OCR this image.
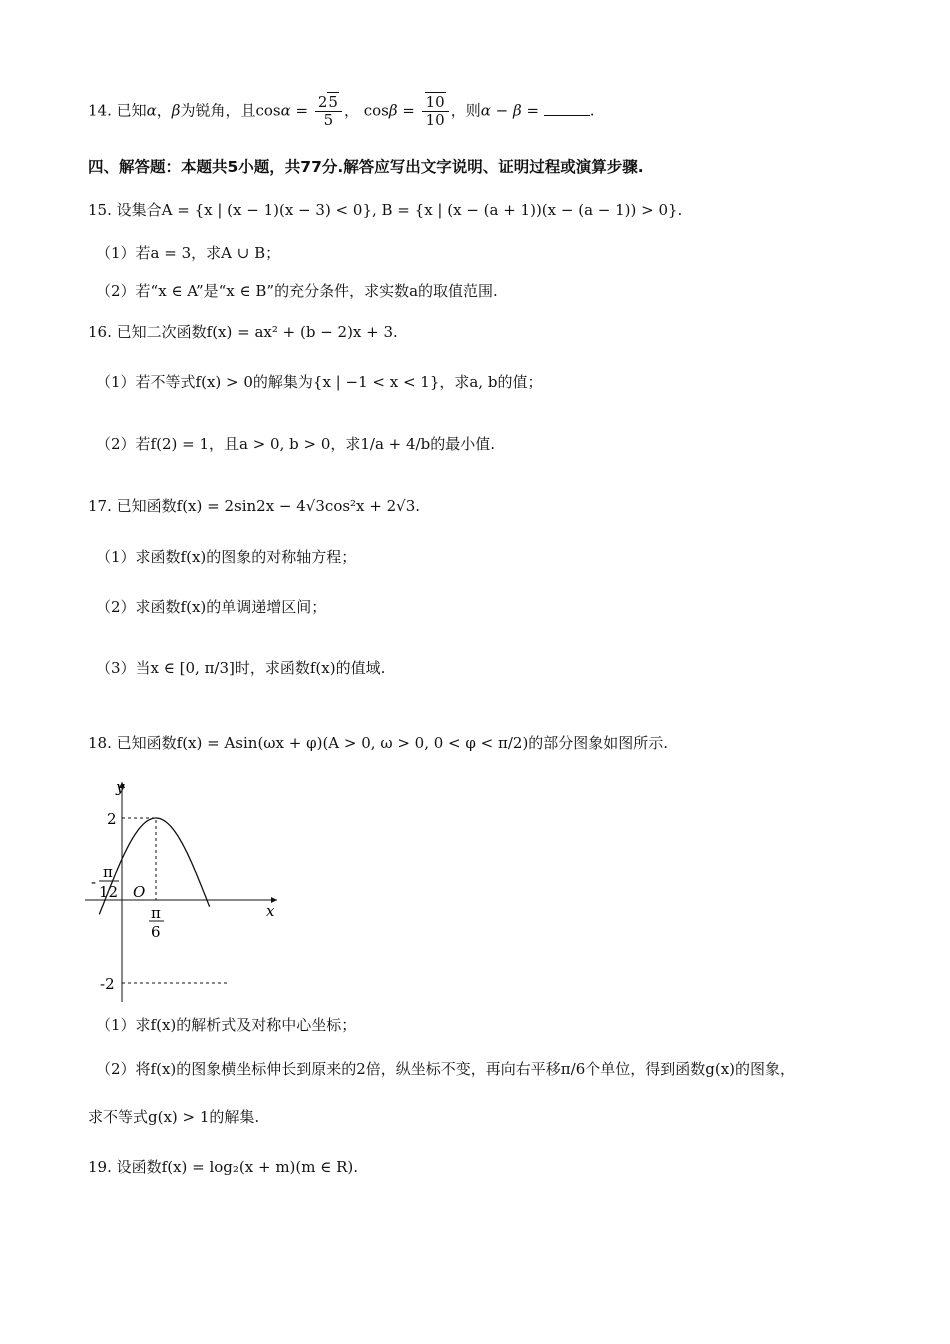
14. 已知α，β为锐角，且$\cos\alpha = \frac{25}{5}$ ， $\cos\beta = \frac{10}{10}$ ，则α − β =	.
四、解答题：本题共5小题，共77分.解答应写出文字说明、证明过程或演算步骤.
15. 设集合A = {x | (x − 1)(x − 3) < 0}, B = {x | (x − (a + 1))(x − (a − 1)) > 0}.
（1）若a = 3，求A ∪ B；
（2）若“x ∈ A”是“x ∈ B”的充分条件，求实数a的取值范围.
16. 已知二次函数f(x) = ax² + (b − 2)x + 3.
（1）若不等式f(x) > 0的解集为{x | −1 < x < 1}，求a, b的值；
（2）若f(2) = 1，且a > 0, b > 0，求1/a + 4/b的最小值.
17. 已知函数f(x) = 2sin2x − 4√3cos²x + 2√3.
（1）求函数f(x)的图象的对称轴方程；
（2）求函数f(x)的单调递增区间；
（3）当x ∈ [0, π/3]时，求函数f(x)的值域.
18. 已知函数f(x) = Asin(ωx + φ)(A > 0, ω > 0, 0 < φ < π/2)的部分图象如图所示.
x
y
O
2
-2
-
π
12
π
6
（1）求f(x)的解析式及对称中心坐标；
（2）将f(x)的图象横坐标伸长到原来的2倍，纵坐标不变，再向右平移π/6个单位，得到函数g(x)的图象，
求不等式g(x) > 1的解集.
19. 设函数f(x) = log₂(x + m)(m ∈ R).
